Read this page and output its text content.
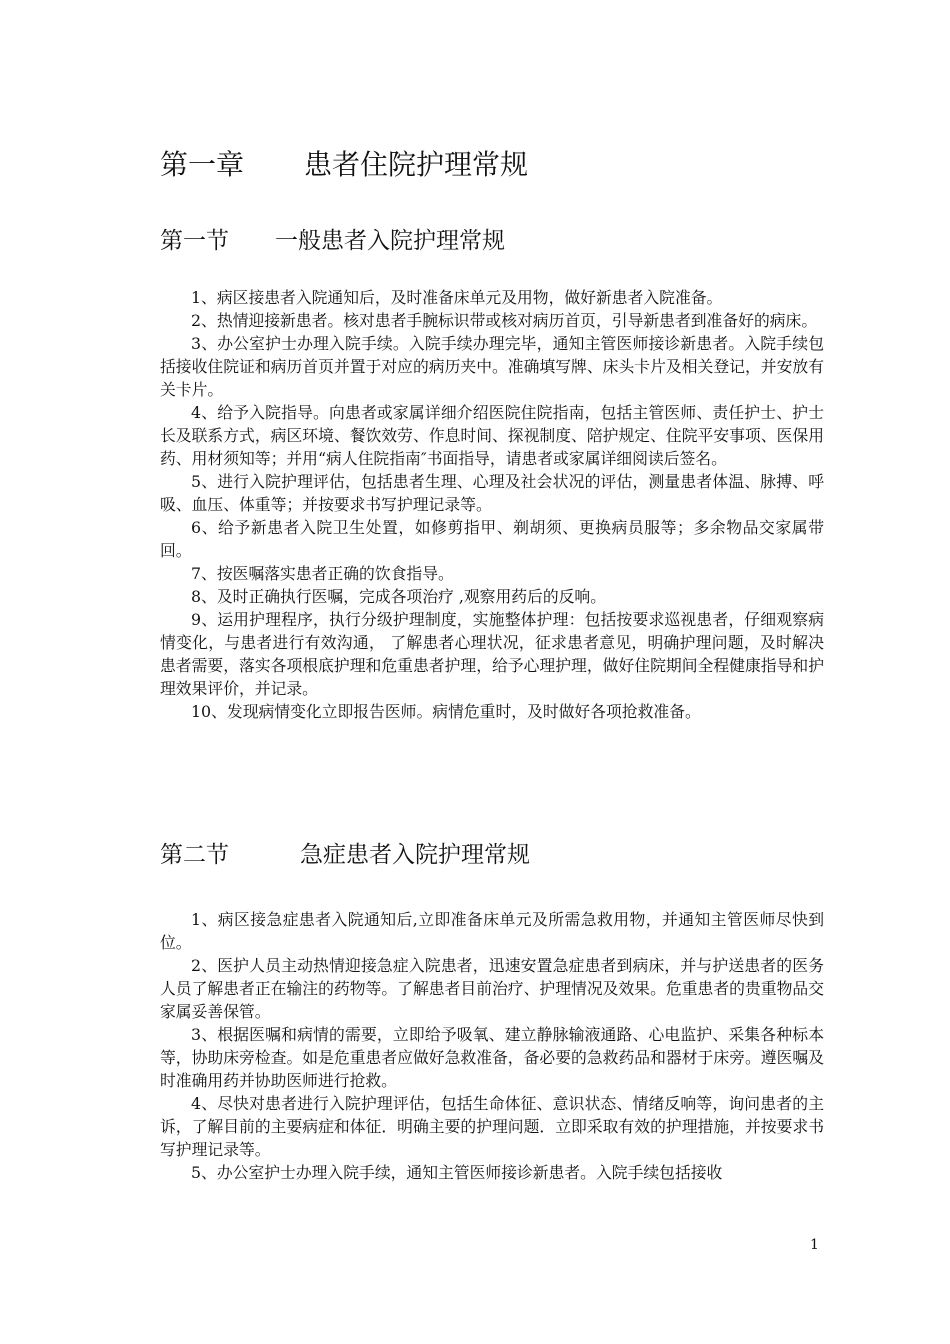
第一章 患者住院护理常规
第一节 一般患者入院护理常规

1、病区接患者入院通知后，及时准备床单元及用物，做好新患者入院准备。

2、热情迎接新患者。核对患者手腕标识带或核对病历首页，引导新患者到准备好的病床。

3、办公室护士办理入院手续。入院手续办理完毕，通知主管医师接诊新患者。入院手续包括接收住院证和病历首页并置于对应的病历夹中。准确填写牌、床头卡片及相关登记，并安放有关卡片。

4、给予入院指导。向患者或家属详细介绍医院住院指南，包括主管医师、责任护士、护士长及联系方式，病区环境、餐饮效劳、作息时间、探视制度、陪护规定、住院平安事项、医保用药、用材须知等；并用“病人住院指南″书面指导，请患者或家属详细阅读后签名。

5、进行入院护理评估，包括患者生理、心理及社会状况的评估，测量患者体温、脉搏、呼吸、血压、体重等；并按要求书写护理记录等。

6、给予新患者入院卫生处置，如修剪指甲、剃胡须、更换病员服等；多余物品交家属带回。

7、按医嘱落实患者正确的饮食指导。

8、及时正确执行医嘱，完成各项治疗 ,观察用药后的反响。

9、运用护理程序，执行分级护理制度，实施整体护理：包括按要求巡视患者，仔细观察病情变化，与患者进行有效沟通， 了解患者心理状况，征求患者意见，明确护理问题，及时解决患者需要，落实各项根底护理和危重患者护理，给予心理护理，做好住院期间全程健康指导和护理效果评价，并记录。

10、发现病情变化立即报告医师。病情危重时，及时做好各项抢救准备。

第二节	急症患者入院护理常规

1、病区接急症患者入院通知后,立即准备床单元及所需急救用物，并通知主管医师尽快到位。

2、医护人员主动热情迎接急症入院患者，迅速安置急症患者到病床，并与护送患者的医务人员了解患者正在输注的药物等。了解患者目前治疗、护理情况及效果。危重患者的贵重物品交家属妥善保管。

3、根据医嘱和病情的需要，立即给予吸氧、建立静脉输液通路、心电监护、采集各种标本等，协助床旁检查。如是危重患者应做好急救准备，备必要的急救药品和器材于床旁。遵医嘱及时准确用药并协助医师进行抢救。

4、尽快对患者进行入院护理评估，包括生命体征、意识状态、情绪反响等，询问患者的主诉，了解目前的主要病症和体征．明确主要的护理问题．立即采取有效的护理措施，并按要求书写护理记录等。

5、办公室护士办理入院手续，通知主管医师接诊新患者。入院手续包括接收

1
